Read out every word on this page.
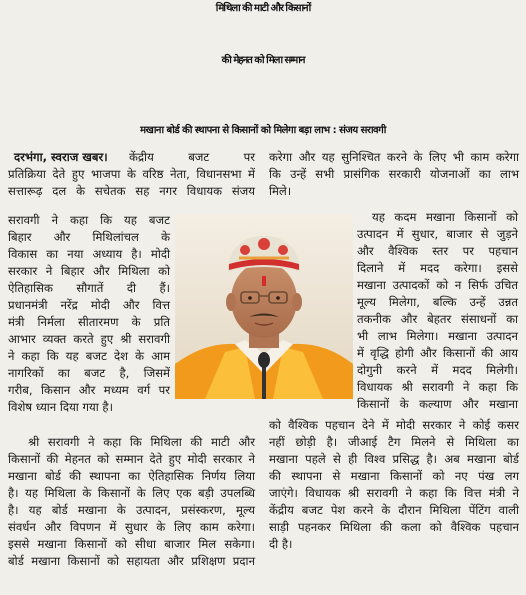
मिथिला की माटी और किसानों
की मेहनत को मिला सम्मान
मखाना बोर्ड की स्थापना से किसानों को मिलेगा बड़ा लाभ : संजय सरावगी
दरभंगा, स्वराज खबर। केंद्रीय बजट पर
प्रतिक्रिया देते हुए भाजपा के वरिष्ठ नेता, विधानसभा में
सत्तारूढ़ दल के सचेतक सह नगर विधायक संजय
करेगा और यह सुनिश्चित करने के लिए भी काम करेगा
कि उन्हें सभी प्रासंगिक सरकारी योजनाओं का लाभ
मिले।
सरावगी ने कहा कि यह बजट
बिहार और मिथिलांचल के
विकास का नया अध्याय है। मोदी
सरकार ने बिहार और मिथिला को
ऐतिहासिक सौगातें दी हैं।
प्रधानमंत्री नरेंद्र मोदी और वित्त
मंत्री निर्मला सीतारमण के प्रति
आभार व्यक्त करते हुए श्री सरावगी
ने कहा कि यह बजट देश के आम
नागरिकों का बजट है, जिसमें
गरीब, किसान और मध्यम वर्ग पर
विशेष ध्यान दिया गया है।
यह कदम मखाना किसानों को
उत्पादन में सुधार, बाजार से जुड़ने
और वैश्विक स्तर पर पहचान
दिलाने में मदद करेगा। इससे
मखाना उत्पादकों को न सिर्फ उचित
मूल्य मिलेगा, बल्कि उन्हें उन्नत
तकनीक और बेहतर संसाधनों का
भी लाभ मिलेगा। मखाना उत्पादन
में वृद्धि होगी और किसानों की आय
दोगुनी करने में मदद मिलेगी।
विधायक श्री सरावगी ने कहा कि
किसानों के कल्याण और मखाना
श्री सरावगी ने कहा कि मिथिला की माटी और
किसानों की मेहनत को सम्मान देते हुए मोदी सरकार ने
मखाना बोर्ड की स्थापना का ऐतिहासिक निर्णय लिया
है। यह मिथिला के किसानों के लिए एक बड़ी उपलब्धि
है। यह बोर्ड मखाना के उत्पादन, प्रसंस्करण, मूल्य
संवर्धन और विपणन में सुधार के लिए काम करेगा।
इससे मखाना किसानों को सीधा बाजार मिल सकेगा।
बोर्ड मखाना किसानों को सहायता और प्रशिक्षण प्रदान
को वैश्विक पहचान देने में मोदी सरकार ने कोई कसर
नहीं छोड़ी है। जीआई टैग मिलने से मिथिला का
मखाना पहले से ही विश्व प्रसिद्ध है। अब मखाना बोर्ड
की स्थापना से मखाना किसानों को नए पंख लग
जाएंगे। विधायक श्री सरावगी ने कहा कि वित्त मंत्री ने
केंद्रीय बजट पेश करने के दौरान मिथिला पेंटिंग वाली
साड़ी पहनकर मिथिला की कला को वैश्विक पहचान
दी है।
